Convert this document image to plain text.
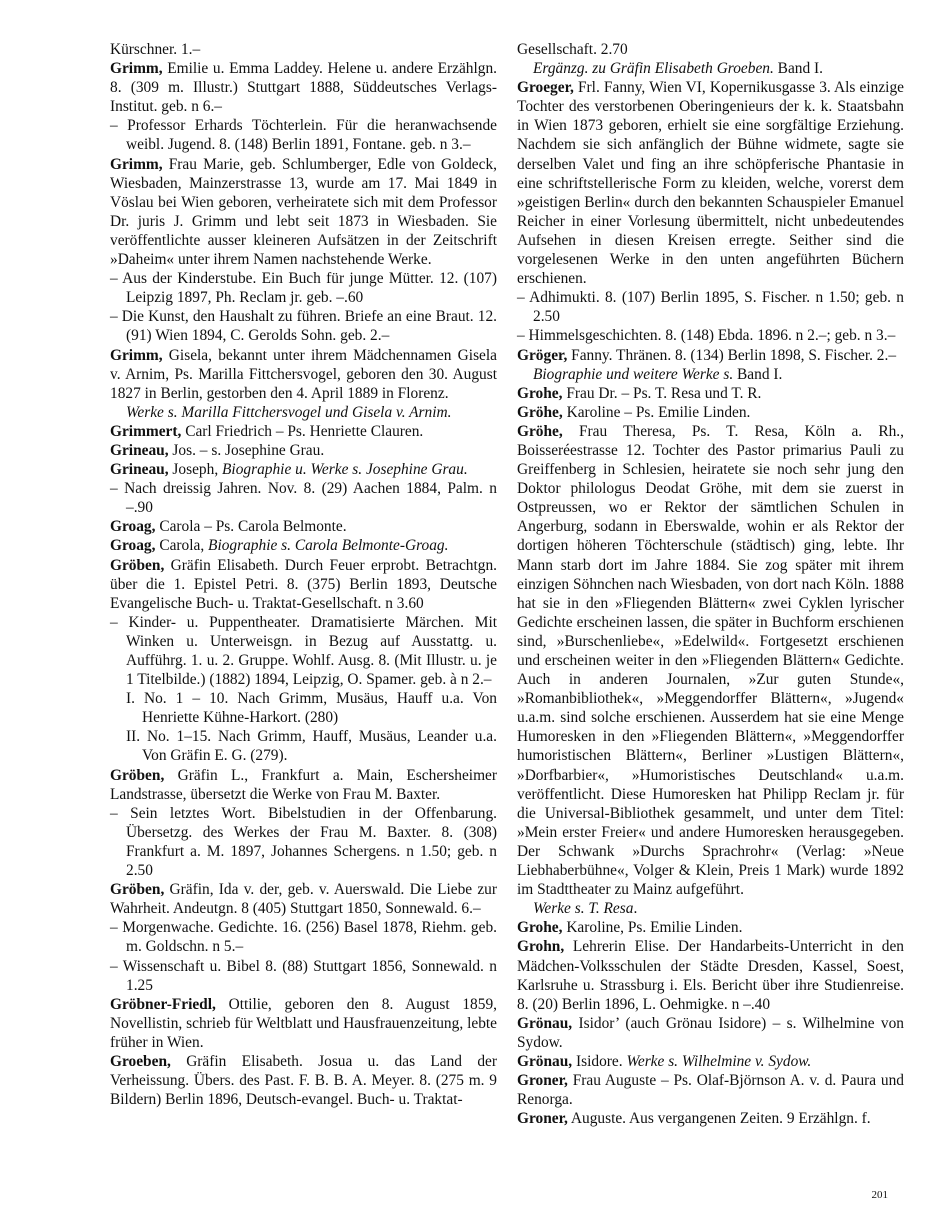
Kürschner. 1.–

Grimm, Emilie u. Emma Laddey. Helene u. andere Erzählgn. 8. (309 m. Illustr.) Stuttgart 1888, Süddeutsches Verlags-Institut. geb. n 6.–

– Professor Erhards Töchterlein. Für die heranwachsende weibl. Jugend. 8. (148) Berlin 1891, Fontane. geb. n 3.–

Grimm, Frau Marie, geb. Schlumberger, Edle von Goldeck, Wiesbaden, Mainzerstrasse 13, wurde am 17. Mai 1849 in Vöslau bei Wien geboren, verheiratete sich mit dem Professor Dr. juris J. Grimm und lebt seit 1873 in Wiesbaden. Sie veröffentlichte ausser kleineren Aufsätzen in der Zeitschrift »Daheim« unter ihrem Namen nachstehende Werke.

– Aus der Kinderstube. Ein Buch für junge Mütter. 12. (107) Leipzig 1897, Ph. Reclam jr. geb. –.60

– Die Kunst, den Haushalt zu führen. Briefe an eine Braut. 12. (91) Wien 1894, C. Gerolds Sohn. geb. 2.–

Grimm, Gisela, bekannt unter ihrem Mädchennamen Gisela v. Arnim, Ps. Marilla Fittchersvogel, geboren den 30. August 1827 in Berlin, gestorben den 4. April 1889 in Florenz.

Werke s. Marilla Fittchersvogel und Gisela v. Arnim.

Grimmert, Carl Friedrich – Ps. Henriette Clauren.

Grineau, Jos. – s. Josephine Grau.

Grineau, Joseph, Biographie u. Werke s. Josephine Grau.

– Nach dreissig Jahren. Nov. 8. (29) Aachen 1884, Palm. n –.90

Groag, Carola – Ps. Carola Belmonte.

Groag, Carola, Biographie s. Carola Belmonte-Groag.

Gröben, Gräfin Elisabeth. Durch Feuer erprobt. Betrachtgn. über die 1. Epistel Petri. 8. (375) Berlin 1893, Deutsche Evangelische Buch- u. Traktat-Gesellschaft. n 3.60

– Kinder- u. Puppentheater. Dramatisierte Märchen. Mit Winken u. Unterweisgn. in Bezug auf Ausstattg. u. Aufführg. 1. u. 2. Gruppe. Wohlf. Ausg. 8. (Mit Illustr. u. je 1 Titelbilde.) (1882) 1894, Leipzig, O. Spamer. geb. à n 2.–

I. No. 1 – 10. Nach Grimm, Musäus, Hauff u.a. Von Henriette Kühne-Harkort. (280)

II. No. 1–15. Nach Grimm, Hauff, Musäus, Leander u.a. Von Gräfin E. G. (279).

Gröben, Gräfin L., Frankfurt a. Main, Eschersheimer Landstrasse, übersetzt die Werke von Frau M. Baxter.

– Sein letztes Wort. Bibelstudien in der Offenbarung. Übersetzg. des Werkes der Frau M. Baxter. 8. (308) Frankfurt a. M. 1897, Johannes Schergens. n 1.50; geb. n 2.50

Gröben, Gräfin, Ida v. der, geb. v. Auerswald. Die Liebe zur Wahrheit. Andeutgn. 8 (405) Stuttgart 1850, Sonnewald. 6.–

– Morgenwache. Gedichte. 16. (256) Basel 1878, Riehm. geb. m. Goldschn. n 5.–

– Wissenschaft u. Bibel 8. (88) Stuttgart 1856, Sonnewald. n 1.25

Gröbner-Friedl, Ottilie, geboren den 8. August 1859, Novellistin, schrieb für Weltblatt und Hausfrauenzeitung, lebte früher in Wien.

Groeben, Gräfin Elisabeth. Josua u. das Land der Verheissung. Übers. des Past. F. B. B. A. Meyer. 8. (275 m. 9 Bildern) Berlin 1896, Deutsch-evangel. Buch- u. Traktat-

Gesellschaft. 2.70

Ergänzg. zu Gräfin Elisabeth Groeben. Band I.

Groeger, Frl. Fanny, Wien VI, Kopernikusgasse 3. Als einzige Tochter des verstorbenen Oberingenieurs der k. k. Staatsbahn in Wien 1873 geboren, erhielt sie eine sorgfältige Erziehung. Nachdem sie sich anfänglich der Bühne widmete, sagte sie derselben Valet und fing an ihre schöpferische Phantasie in eine schriftstellerische Form zu kleiden, welche, vorerst dem »geistigen Berlin« durch den bekannten Schauspieler Emanuel Reicher in einer Vorlesung übermittelt, nicht unbedeutendes Aufsehen in diesen Kreisen erregte. Seither sind die vorgelesenen Werke in den unten angeführten Büchern erschienen.

– Adhimukti. 8. (107) Berlin 1895, S. Fischer. n 1.50; geb. n 2.50

– Himmelsgeschichten. 8. (148) Ebda. 1896. n 2.–; geb. n 3.–

Gröger, Fanny. Thränen. 8. (134) Berlin 1898, S. Fischer. 2.–

Biographie und weitere Werke s. Band I.

Grohe, Frau Dr. – Ps. T. Resa und T. R.

Gröhe, Karoline – Ps. Emilie Linden.

Gröhe, Frau Theresa, Ps. T. Resa, Köln a. Rh., Boisseréestrasse 12. Tochter des Pastor primarius Pauli zu Greiffenberg in Schlesien, heiratete sie noch sehr jung den Doktor philologus Deodat Gröhe, mit dem sie zuerst in Ostpreussen, wo er Rektor der sämtlichen Schulen in Angerburg, sodann in Eberswalde, wohin er als Rektor der dortigen höheren Töchterschule (städtisch) ging, lebte. Ihr Mann starb dort im Jahre 1884. Sie zog später mit ihrem einzigen Söhnchen nach Wiesbaden, von dort nach Köln. 1888 hat sie in den »Fliegenden Blättern« zwei Cyklen lyrischer Gedichte erscheinen lassen, die später in Buchform erschienen sind, »Burschenliebe«, »Edelwild«. Fortgesetzt erschienen und erscheinen weiter in den »Fliegenden Blättern« Gedichte. Auch in anderen Journalen, »Zur guten Stunde«, »Romanbibliothek«, »Meggendorffer Blättern«, »Jugend« u.a.m. sind solche erschienen. Ausserdem hat sie eine Menge Humoresken in den »Fliegenden Blättern«, »Meggendorffer humoristischen Blättern«, Berliner »Lustigen Blättern«, »Dorfbarbier«, »Humoristisches Deutschland« u.a.m. veröffentlicht. Diese Humoresken hat Philipp Reclam jr. für die Universal-Bibliothek gesammelt, und unter dem Titel: »Mein erster Freier« und andere Humoresken herausgegeben. Der Schwank »Durchs Sprachrohr« (Verlag: »Neue Liebhaberbühne«, Volger & Klein, Preis 1 Mark) wurde 1892 im Stadttheater zu Mainz aufgeführt.

Werke s. T. Resa.

Grohe, Karoline, Ps. Emilie Linden.

Grohn, Lehrerin Elise. Der Handarbeits-Unterricht in den Mädchen-Volksschulen der Städte Dresden, Kassel, Soest, Karlsruhe u. Strassburg i. Els. Bericht über ihre Studienreise. 8. (20) Berlin 1896, L. Oehmigke. n –.40

Grönau, Isidor’ (auch Grönau Isidore) – s. Wilhelmine von Sydow.

Grönau, Isidore. Werke s. Wilhelmine v. Sydow.

Groner, Frau Auguste – Ps. Olaf-Björnson A. v. d. Paura und Renorga.

Groner, Auguste. Aus vergangenen Zeiten. 9 Erzählgn. f.

201
